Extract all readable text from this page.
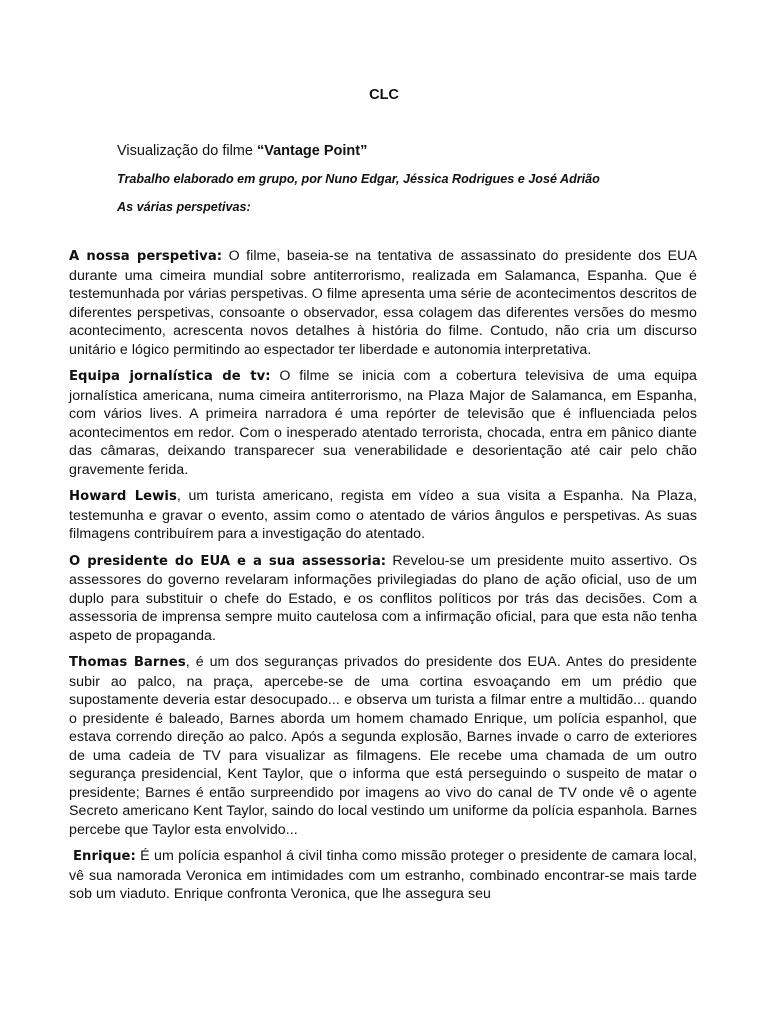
CLC

Visualização do filme “Vantage Point”

Trabalho elaborado em grupo, por Nuno Edgar, Jéssica Rodrigues e José Adrião

As várias perspetivas:

A nossa perspetiva: O filme, baseia-se na tentativa de assassinato do presidente dos EUA durante uma cimeira mundial sobre antiterrorismo, realizada em Salamanca, Espanha. Que é testemunhada por várias perspetivas. O filme apresenta uma série de acontecimentos descritos de diferentes perspetivas, consoante o observador, essa colagem das diferentes versões do mesmo acontecimento, acrescenta novos detalhes à história do filme. Contudo, não cria um discurso unitário e lógico permitindo ao espectador ter liberdade e autonomia interpretativa.

Equipa jornalística de tv: O filme se inicia com a cobertura televisiva de uma equipa jornalística americana, numa cimeira antiterrorismo, na Plaza Major de Salamanca, em Espanha, com vários lives. A primeira narradora é uma repórter de televisão que é influenciada pelos acontecimentos em redor. Com o inesperado atentado terrorista, chocada, entra em pânico diante das câmaras, deixando transparecer sua venerabilidade e desorientação até cair pelo chão gravemente ferida.

Howard Lewis, um turista americano, regista em vídeo a sua visita a Espanha. Na Plaza, testemunha e gravar o evento, assim como o atentado de vários ângulos e perspetivas. As suas filmagens contribuírem para a investigação do atentado.

O presidente do EUA e a sua assessoria: Revelou-se um presidente muito assertivo. Os assessores do governo revelaram informações privilegiadas do plano de ação oficial, uso de um duplo para substituir o chefe do Estado, e os conflitos políticos por trás das decisões. Com a assessoria de imprensa sempre muito cautelosa com a infirmação oficial, para que esta não tenha aspeto de propaganda.

Thomas Barnes, é um dos seguranças privados do presidente dos EUA. Antes do presidente subir ao palco, na praça, apercebe-se de uma cortina esvoaçando em um prédio que supostamente deveria estar desocupado... e observa um turista a filmar entre a multidão... quando o presidente é baleado, Barnes aborda um homem chamado Enrique, um polícia espanhol, que estava correndo direção ao palco. Após a segunda explosão, Barnes invade o carro de exteriores de uma cadeia de TV para visualizar as filmagens. Ele recebe uma chamada de um outro segurança presidencial, Kent Taylor, que o informa que está perseguindo o suspeito de matar o presidente; Barnes é então surpreendido por imagens ao vivo do canal de TV onde vê o agente Secreto americano Kent Taylor, saindo do local vestindo um uniforme da polícia espanhola. Barnes percebe que Taylor esta envolvido...

Enrique: É um polícia espanhol á civil tinha como missão proteger o presidente de camara local, vê sua namorada Veronica em intimidades com um estranho, combinado encontrar-se mais tarde sob um viaduto. Enrique confronta Veronica, que lhe assegura seu
